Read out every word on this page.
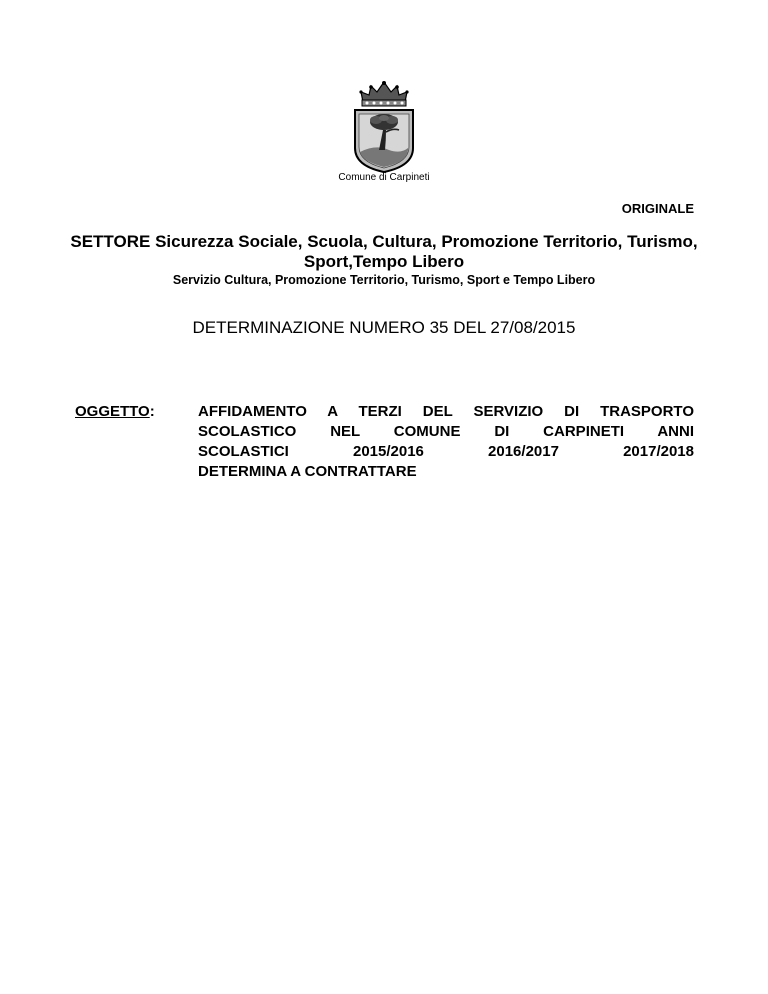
Comune di Carpineti
ORIGINALE
SETTORE Sicurezza Sociale, Scuola, Cultura, Promozione Territorio, Turismo, Sport,Tempo Libero
Servizio Cultura, Promozione Territorio, Turismo, Sport e Tempo Libero
DETERMINAZIONE NUMERO 35 DEL 27/08/2015
OGGETTO:	AFFIDAMENTO A TERZI DEL SERVIZIO DI TRASPORTO
SCOLASTICO NEL COMUNE DI CARPINETI ANNI
SCOLASTICI 2015/2016 2016/2017 2017/2018
DETERMINA A CONTRATTARE
